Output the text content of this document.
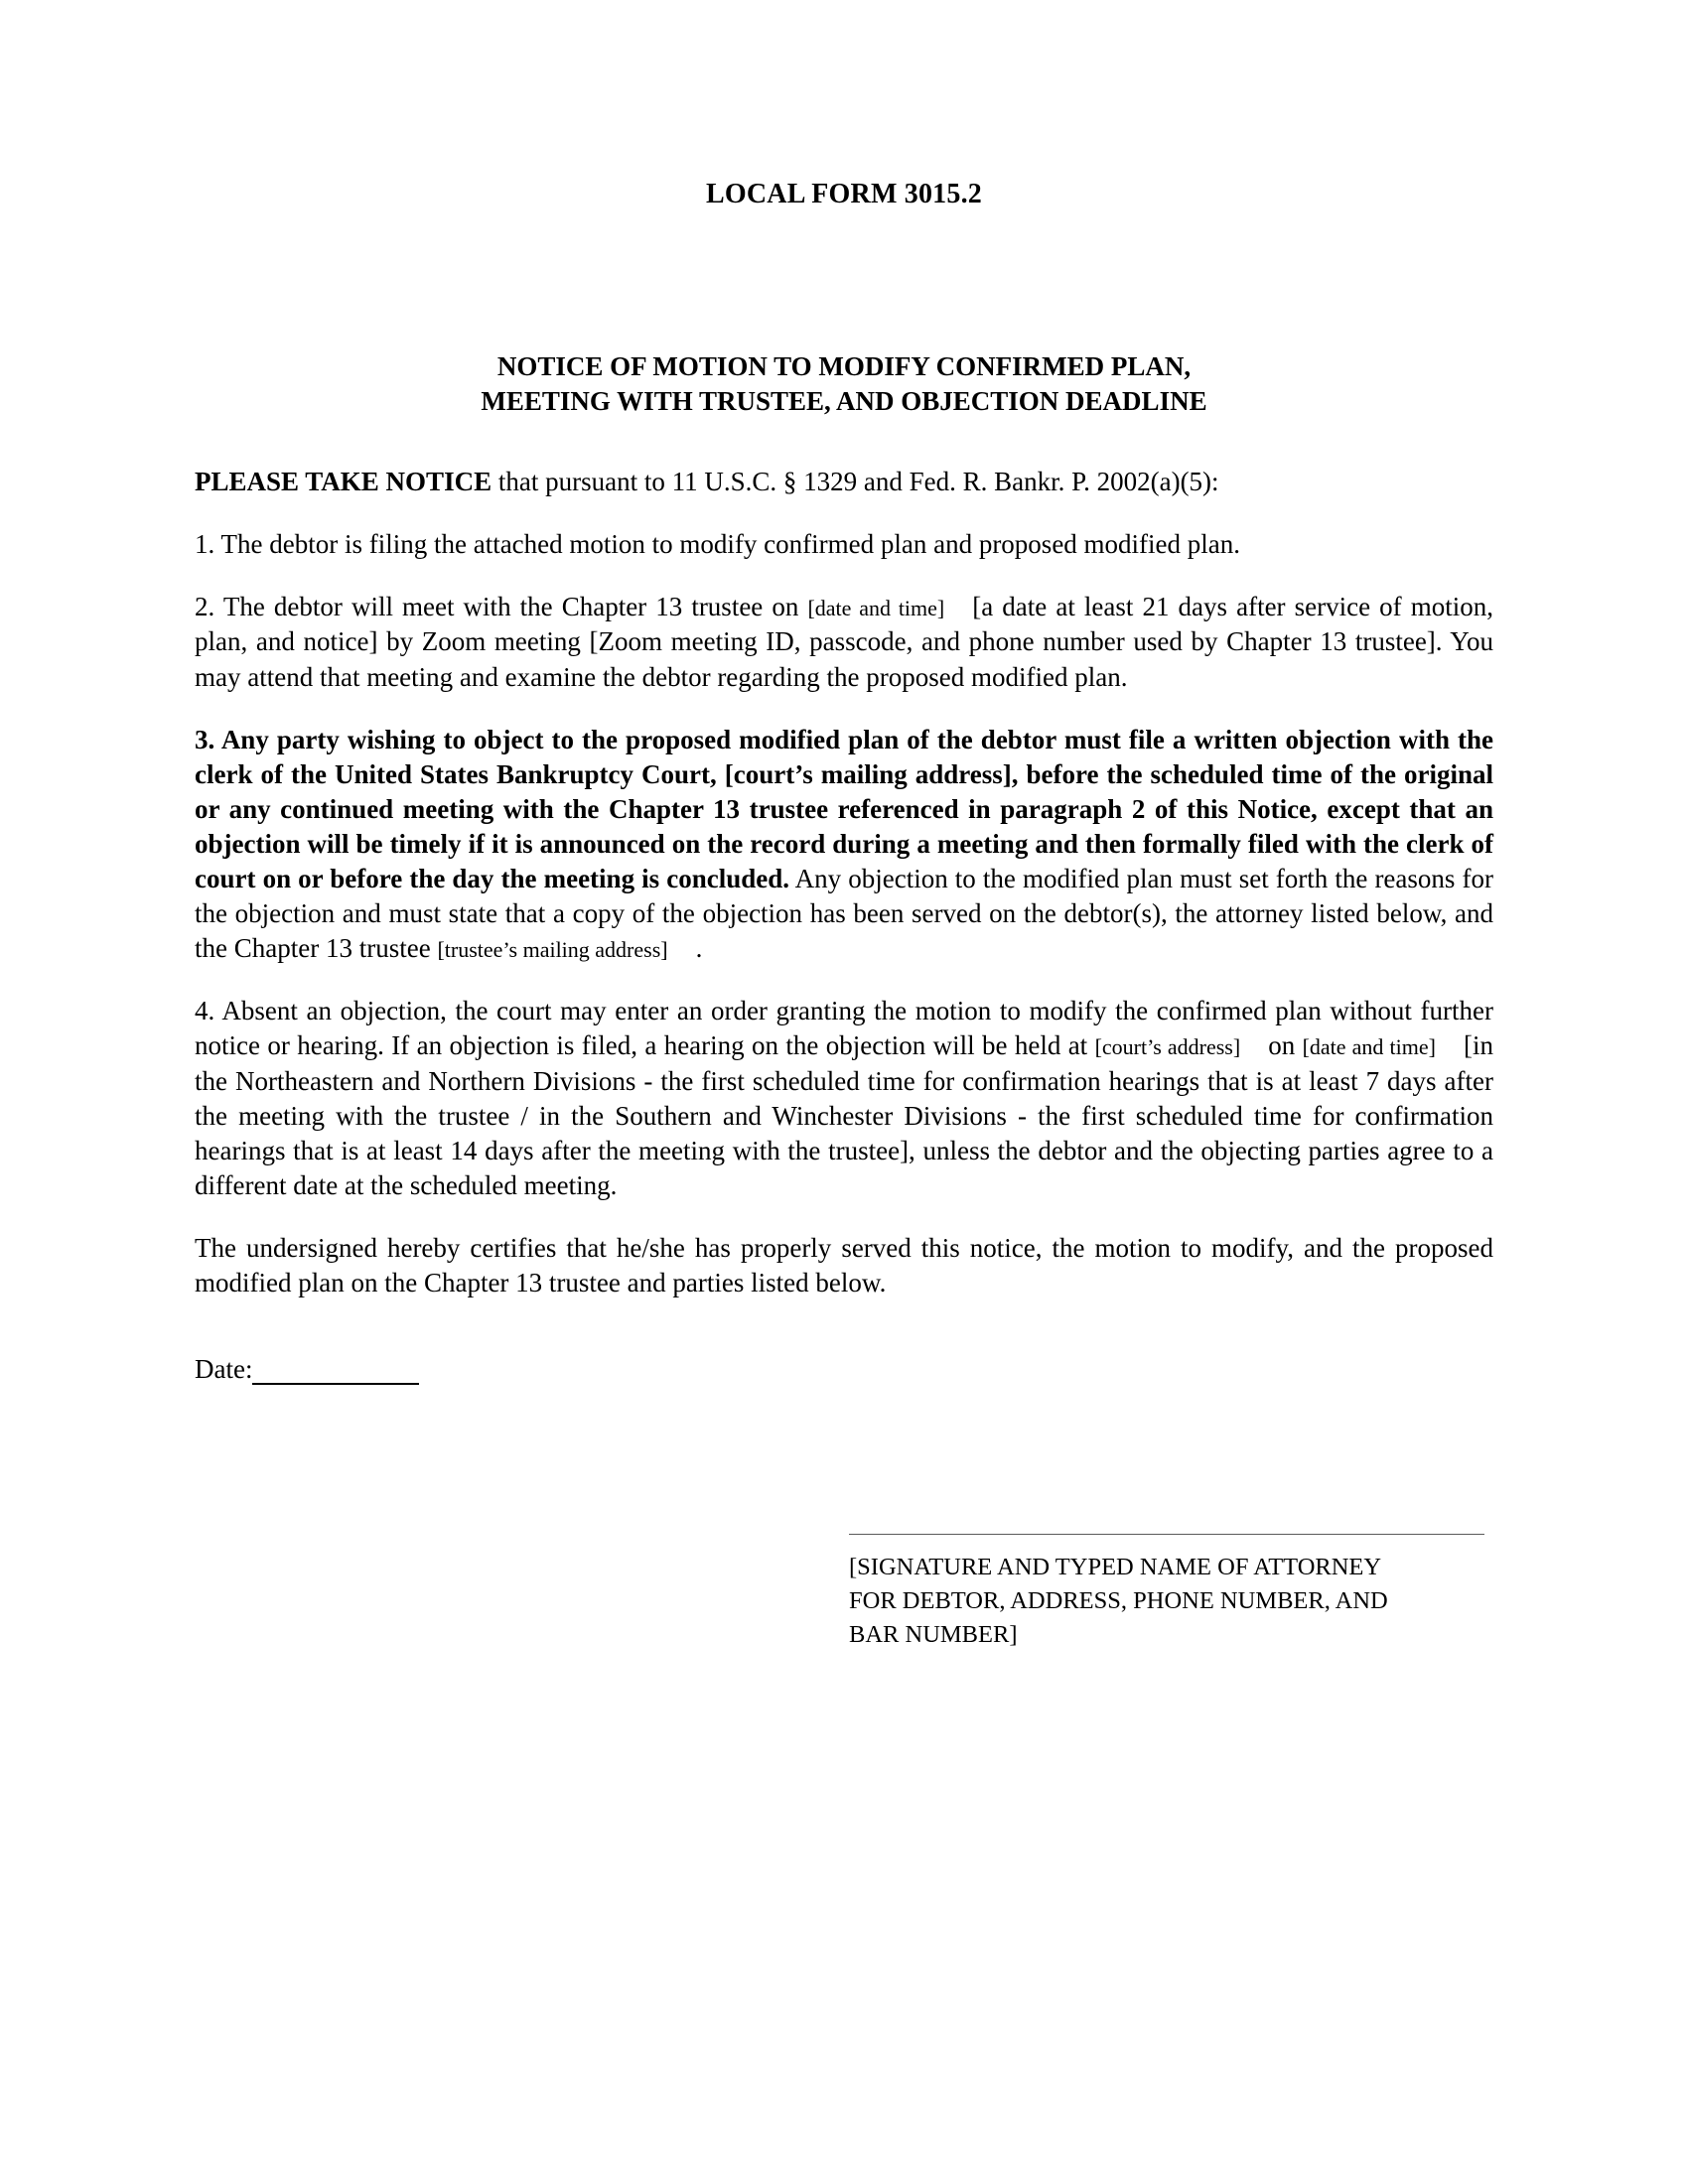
LOCAL FORM 3015.2
NOTICE OF MOTION TO MODIFY CONFIRMED PLAN,
MEETING WITH TRUSTEE, AND OBJECTION DEADLINE

PLEASE TAKE NOTICE that pursuant to 11 U.S.C. § 1329 and Fed. R. Bankr. P. 2002(a)(5):

1. The debtor is filing the attached motion to modify confirmed plan and proposed modified plan.

2. The debtor will meet with the Chapter 13 trustee on [date and time] [a date at least 21 days after service of motion, plan, and notice] by Zoom meeting [Zoom meeting ID, passcode, and phone number used by Chapter 13 trustee]. You may attend that meeting and examine the debtor regarding the proposed modified plan.

3. Any party wishing to object to the proposed modified plan of the debtor must file a written objection with the clerk of the United States Bankruptcy Court, [court’s mailing address], before the scheduled time of the original or any continued meeting with the Chapter 13 trustee referenced in paragraph 2 of this Notice, except that an objection will be timely if it is announced on the record during a meeting and then formally filed with the clerk of court on or before the day the meeting is concluded. Any objection to the modified plan must set forth the reasons for the objection and must state that a copy of the objection has been served on the debtor(s), the attorney listed below, and the Chapter 13 trustee [trustee’s mailing address] .

4. Absent an objection, the court may enter an order granting the motion to modify the confirmed plan without further notice or hearing. If an objection is filed, a hearing on the objection will be held at [court’s address] on [date and time] [in the Northeastern and Northern Divisions - the first scheduled time for confirmation hearings that is at least 7 days after the meeting with the trustee / in the Southern and Winchester Divisions - the first scheduled time for confirmation hearings that is at least 14 days after the meeting with the trustee], unless the debtor and the objecting parties agree to a different date at the scheduled meeting.

The undersigned hereby certifies that he/she has properly served this notice, the motion to modify, and the proposed modified plan on the Chapter 13 trustee and parties listed below.

Date:
[SIGNATURE AND TYPED NAME OF ATTORNEY
FOR DEBTOR, ADDRESS, PHONE NUMBER, AND
BAR NUMBER]
